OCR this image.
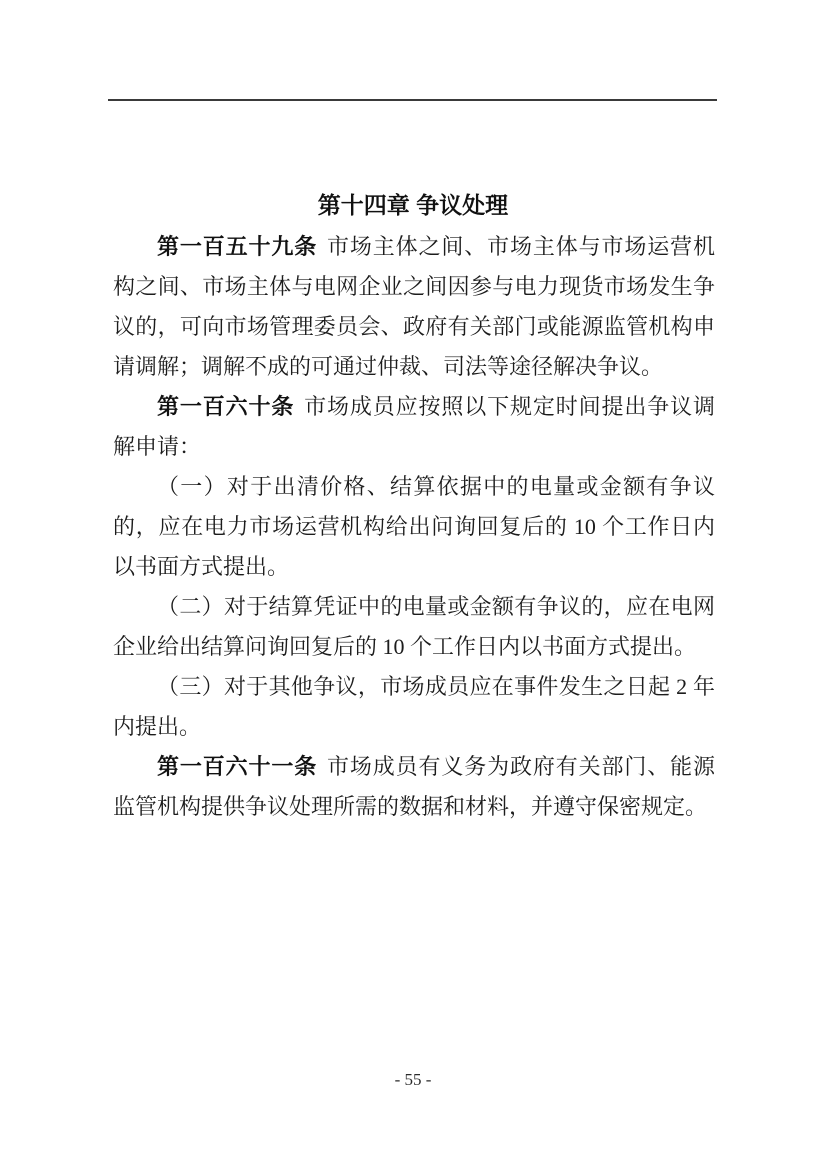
第十四章 争议处理

第一百五十九条 市场主体之间、市场主体与市场运营机构之间、市场主体与电网企业之间因参与电力现货市场发生争议的，可向市场管理委员会、政府有关部门或能源监管机构申请调解；调解不成的可通过仲裁、司法等途径解决争议。

第一百六十条 市场成员应按照以下规定时间提出争议调解申请：

（一）对于出清价格、结算依据中的电量或金额有争议的，应在电力市场运营机构给出问询回复后的 10 个工作日内以书面方式提出。

（二）对于结算凭证中的电量或金额有争议的，应在电网企业给出结算问询回复后的 10 个工作日内以书面方式提出。

（三）对于其他争议，市场成员应在事件发生之日起 2 年内提出。

第一百六十一条 市场成员有义务为政府有关部门、能源监管机构提供争议处理所需的数据和材料，并遵守保密规定。

- 55 -
